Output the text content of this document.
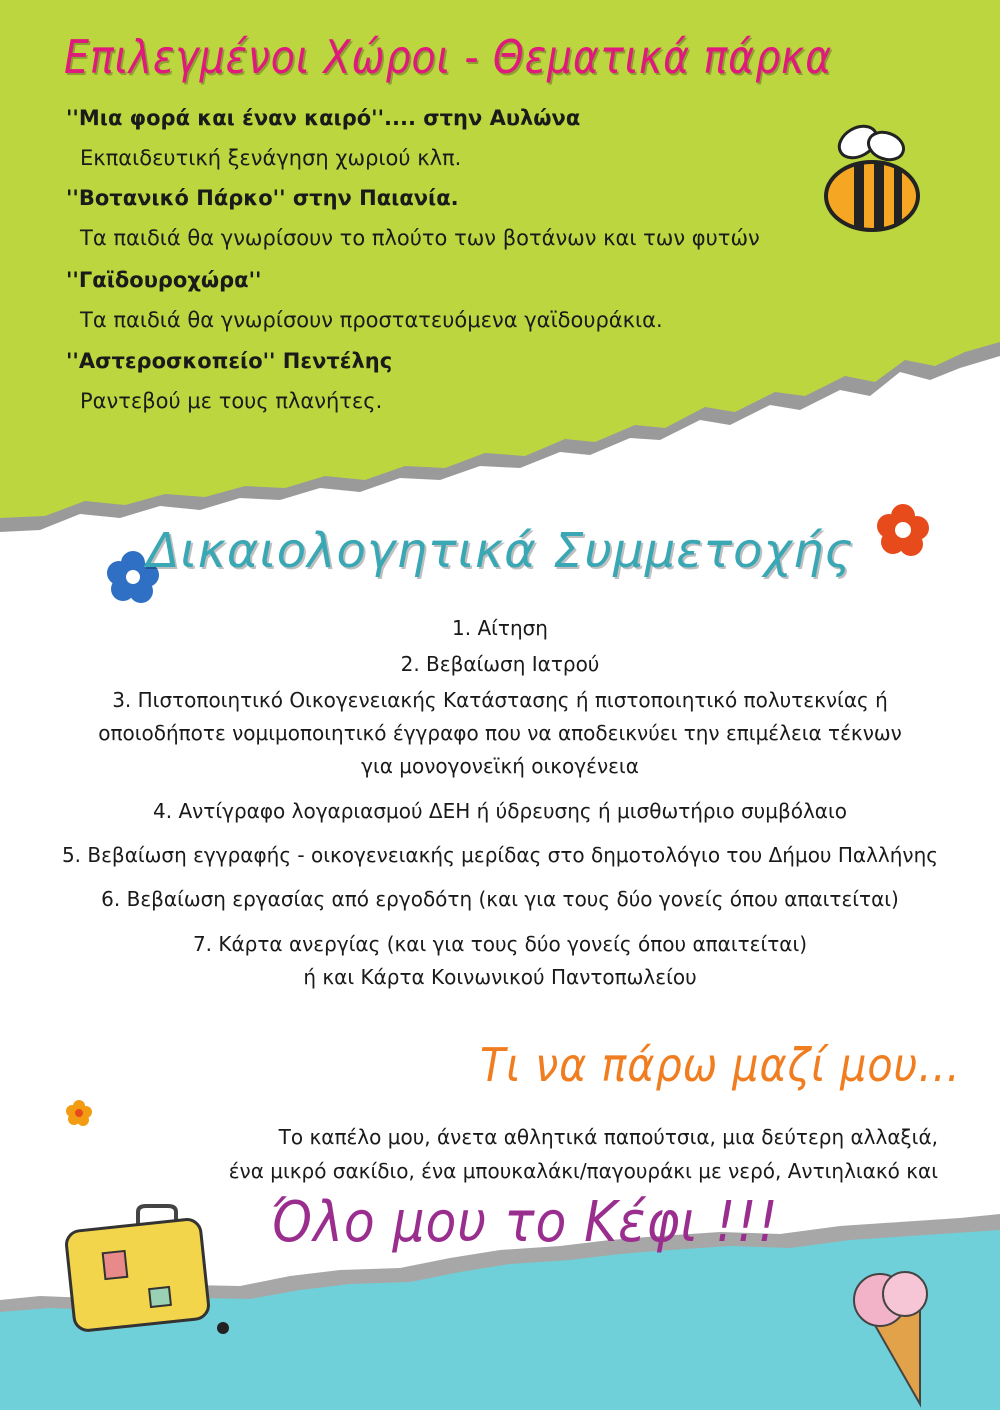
Επιλεγμένοι Χώροι - Θεματικά πάρκα
''Μια φορά και έναν καιρό''.... στην Αυλώνα
Εκπαιδευτική ξενάγηση χωριού κλπ.
''Βοτανικό Πάρκο'' στην Παιανία.
Τα παιδιά θα γνωρίσουν το πλούτο των βοτάνων και των φυτών
''Γαϊδουροχώρα''
Τα παιδιά θα γνωρίσουν προστατευόμενα γαϊδουράκια.
''Αστεροσκοπείο'' Πεντέλης
Ραντεβού με τους πλανήτες.
Δικαιολογητικά Συμμετοχής
1. Αίτηση
2. Βεβαίωση Ιατρού
3. Πιστοποιητικό Οικογενειακής Κατάστασης ή πιστοποιητικό πολυτεκνίας ή
οποιοδήποτε νομιμοποιητικό έγγραφο που να αποδεικνύει την επιμέλεια τέκνων
για μονογονεϊκή οικογένεια
4. Αντίγραφο λογαριασμού ΔΕΗ ή ύδρευσης ή μισθωτήριο συμβόλαιο
5. Βεβαίωση εγγραφής - οικογενειακής μερίδας στο δημοτολόγιο του Δήμου Παλλήνης
6. Βεβαίωση εργασίας από εργοδότη (και για τους δύο γονείς όπου απαιτείται)
7. Κάρτα ανεργίας (και για τους δύο γονείς όπου απαιτείται)
ή και Κάρτα Κοινωνικού Παντοπωλείου
Τι να πάρω μαζί μου...
Το καπέλο μου, άνετα αθλητικά παπούτσια, μια δεύτερη αλλαξιά,
ένα μικρό σακίδιο, ένα μπουκαλάκι/παγουράκι με νερό, Αντιηλιακό και
Όλο μου το Κέφι !!!
